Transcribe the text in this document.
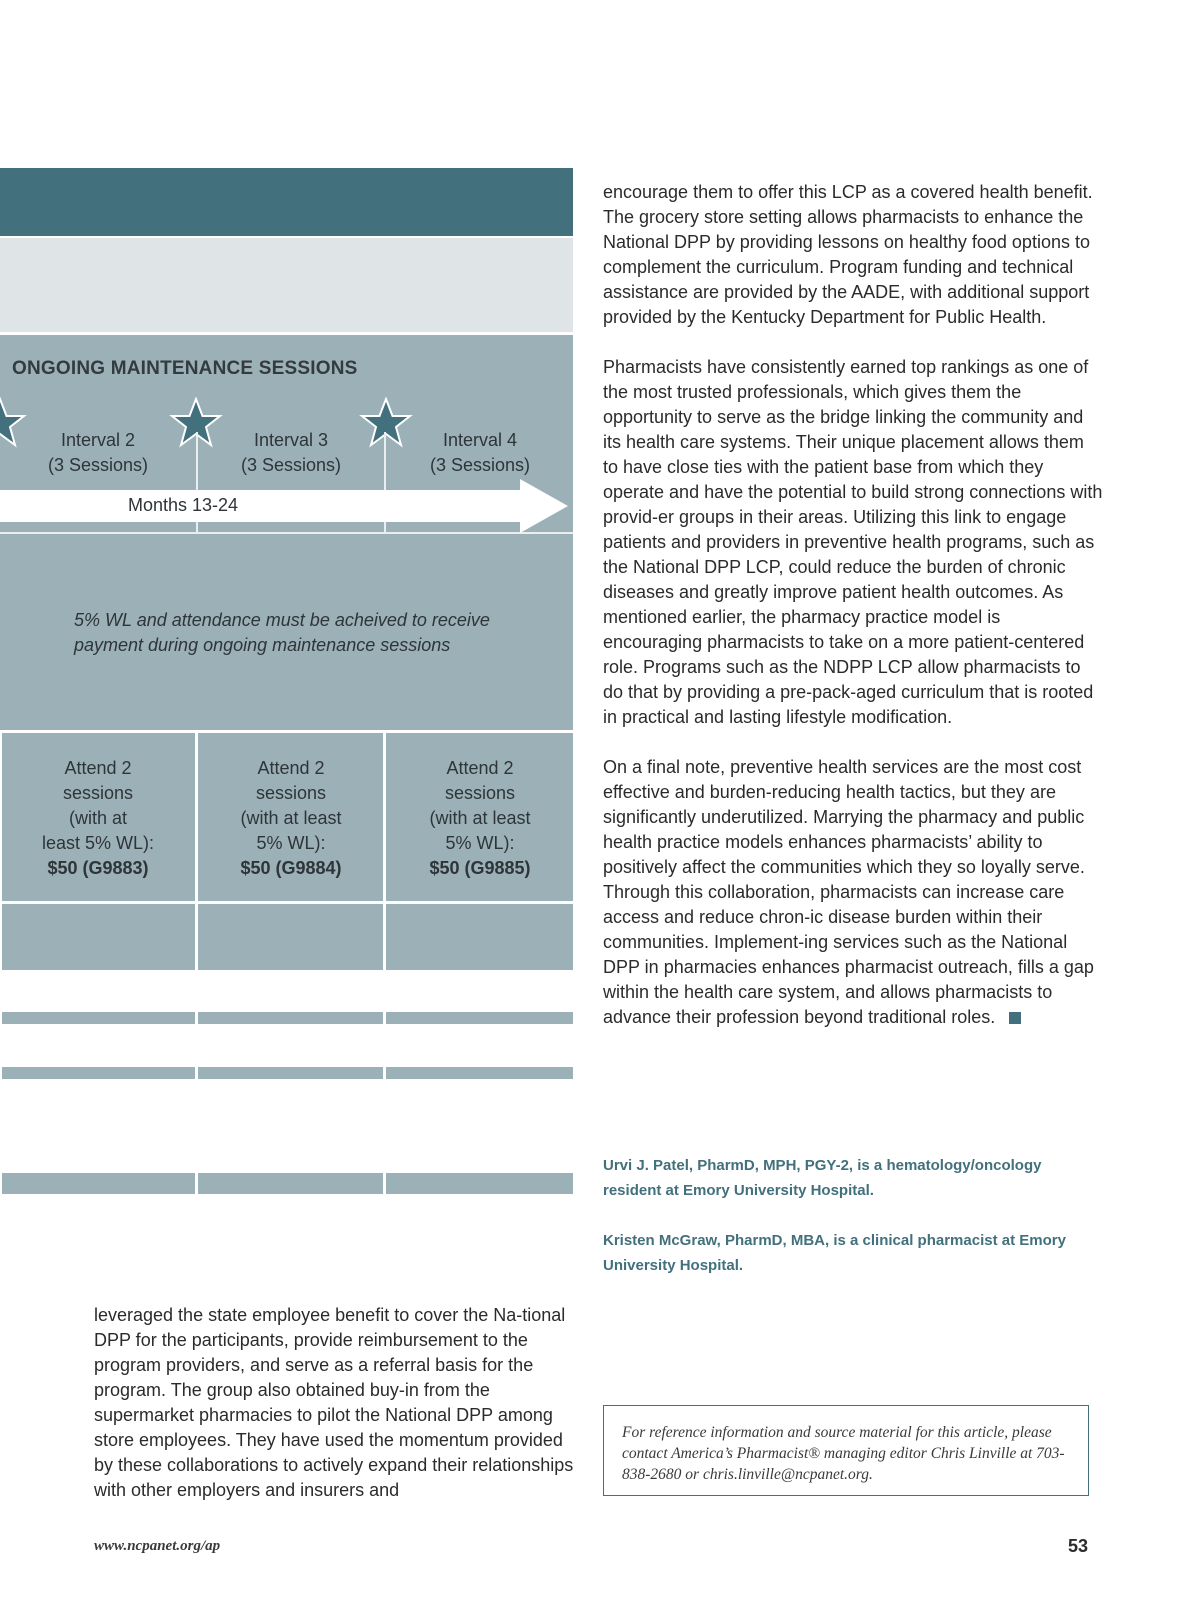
ONGOING MAINTENANCE SESSIONS
Interval 2
(3 Sessions)
Interval 3
(3 Sessions)
Interval 4
(3 Sessions)
Months 13-24
5% WL and attendance must be acheived to receive
payment during ongoing maintenance sessions
Attend 2
sessions
(with at
least 5% WL):
$50 (G9883)
Attend 2
sessions
(with at least
5% WL):
$50 (G9884)
Attend 2
sessions
(with at least
5% WL):
$50 (G9885)

encourage them to offer this LCP as a covered health benefit. The grocery store setting allows pharmacists to enhance the National DPP by providing lessons on healthy food options to complement the curriculum. Program funding and technical assistance are provided by the AADE, with additional support provided by the Kentucky Department for Public Health.

Pharmacists have consistently earned top rankings as one of the most trusted professionals, which gives them the opportunity to serve as the bridge linking the community and its health care systems. Their unique placement allows them to have close ties with the patient base from which they operate and have the potential to build strong connections with provid-er groups in their areas. Utilizing this link to engage patients and providers in preventive health programs, such as the National DPP LCP, could reduce the burden of chronic diseases and greatly improve patient health outcomes. As mentioned earlier, the pharmacy practice model is encouraging pharmacists to take on a more patient-centered role. Programs such as the NDPP LCP allow pharmacists to do that by providing a pre-pack-aged curriculum that is rooted in practical and lasting lifestyle modification.

On a final note, preventive health services are the most cost effective and burden-reducing health tactics, but they are significantly underutilized. Marrying the pharmacy and public health practice models enhances pharmacists’ ability to positively affect the communities which they so loyally serve. Through this collaboration, pharmacists can increase care access and reduce chron-ic disease burden within their communities. Implement-ing services such as the National DPP in pharmacies enhances pharmacist outreach, fills a gap within the health care system, and allows pharmacists to advance their profession beyond traditional roles.

Urvi J. Patel, PharmD, MPH, PGY-2, is a hematology/oncology resident at Emory University Hospital.
Kristen McGraw, PharmD, MBA, is a clinical pharmacist at Emory University Hospital.
For reference information and source material for this article, please contact America’s Pharmacist® managing editor Chris Linville at 703-838-2680 or chris.linville@ncpanet.org.

leveraged the state employee benefit to cover the Na-tional DPP for the participants, provide reimbursement to the program providers, and serve as a referral basis for the program. The group also obtained buy-in from the supermarket pharmacies to pilot the National DPP among store employees. They have used the momentum provided by these collaborations to actively expand their relationships with other employers and insurers and

www.ncpanet.org/ap	53
